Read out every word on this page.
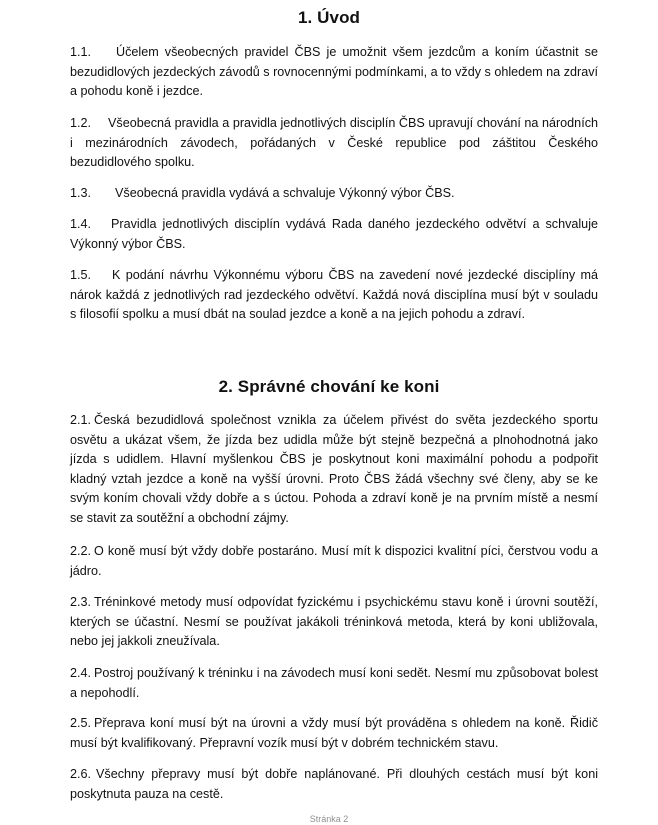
1. Úvod
1.1. Účelem všeobecných pravidel ČBS je umožnit všem jezdcům a koním účastnit se bezudidlových jezdeckých závodů s rovnocennými podmínkami, a to vždy s ohledem na zdraví a pohodu koně i jezdce.
1.2. Všeobecná pravidla a pravidla jednotlivých disciplín ČBS upravují chování na národních i mezinárodních závodech, pořádaných v České republice pod záštitou Českého bezudidlového spolku.
1.3. Všeobecná pravidla vydává a schvaluje Výkonný výbor ČBS.
1.4. Pravidla jednotlivých disciplín vydává Rada daného jezdeckého odvětví a schvaluje Výkonný výbor ČBS.
1.5. K podání návrhu Výkonnému výboru ČBS na zavedení nové jezdecké disciplíny má nárok každá z jednotlivých rad jezdeckého odvětví. Každá nová disciplína musí být v souladu s filosofií spolku a musí dbát na soulad jezdce a koně a na jejich pohodu a zdraví.
2. Správné chování ke koni
2.1. Česká bezudidlová společnost vznikla za účelem přivést do světa jezdeckého sportu osvětu a ukázat všem, že jízda bez udidla může být stejně bezpečná a plnohodnotná jako jízda s udidlem. Hlavní myšlenkou ČBS je poskytnout koni maximální pohodu a podpořit kladný vztah jezdce a koně na vyšší úrovni. Proto ČBS žádá všechny své členy, aby se ke svým koním chovali vždy dobře a s úctou. Pohoda a zdraví koně je na prvním místě a nesmí se stavit za soutěžní a obchodní zájmy.
2.2. O koně musí být vždy dobře postaráno. Musí mít k dispozici kvalitní píci, čerstvou vodu a jádro.
2.3. Tréninkové metody musí odpovídat fyzickému i psychickému stavu koně i úrovni soutěží, kterých se účastní. Nesmí se používat jakákoli tréninková metoda, která by koni ubližovala, nebo jej jakkoli zneužívala.
2.4. Postroj používaný k tréninku i na závodech musí koni sedět. Nesmí mu způsobovat bolest a nepohodlí.
2.5. Přeprava koní musí být na úrovni a vždy musí být prováděna s ohledem na koně. Řidič musí být kvalifikovaný. Přepravní vozík musí být v dobrém technickém stavu.
2.6. Všechny přepravy musí být dobře naplánované. Při dlouhých cestách musí být koni poskytnuta pauza na cestě.
Stránka 2
